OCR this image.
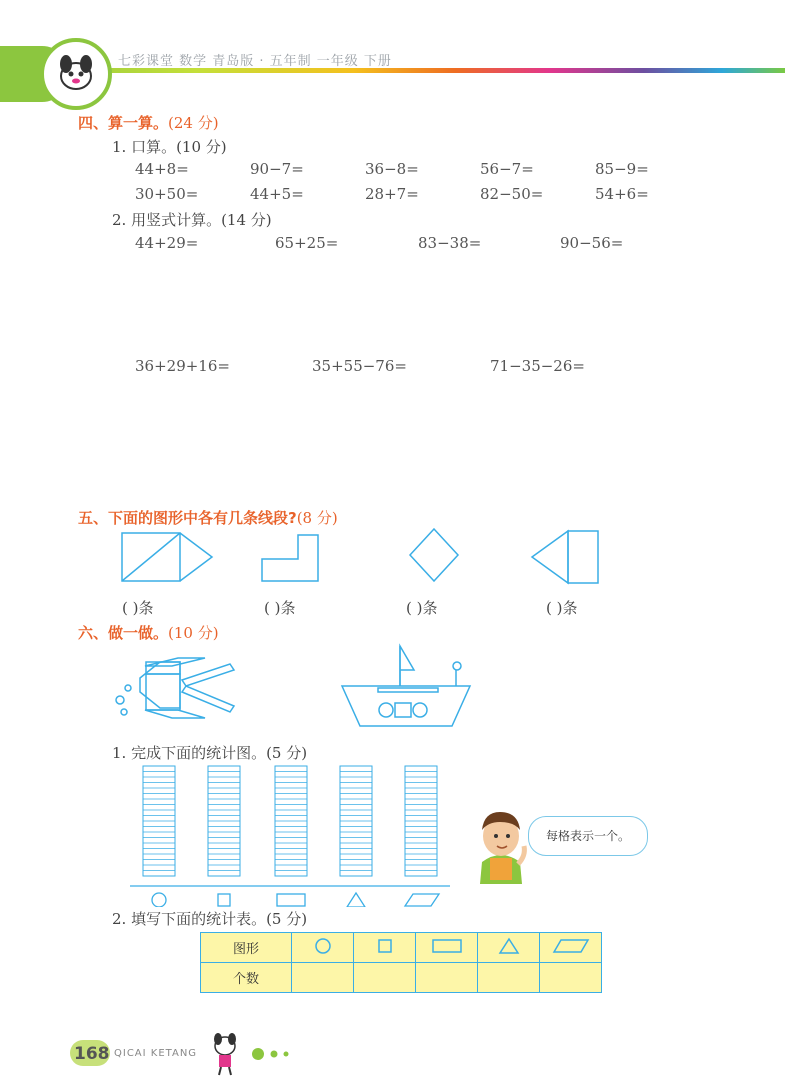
七彩课堂 数学 青岛版 · 五年制 一年级 下册
四、算一算。(24 分)
1. 口算。(10 分)
44+8=	90−7=	36−8=	56−7=	85−9=
30+50=	44+5=	28+7=	82−50=	54+6=
2. 用竖式计算。(14 分)
44+29=	65+25=	83−38=	90−56=
36+29+16=	35+55−76=	71−35−26=
五、下面的图形中各有几条线段?(8 分)
( )条	( )条	( )条	( )条
六、做一做。(10 分)
1. 完成下面的统计图。(5 分)
每格表示一个。
2. 填写下面的统计表。(5 分)
图形					
个数					
168 QICAI KETANG
